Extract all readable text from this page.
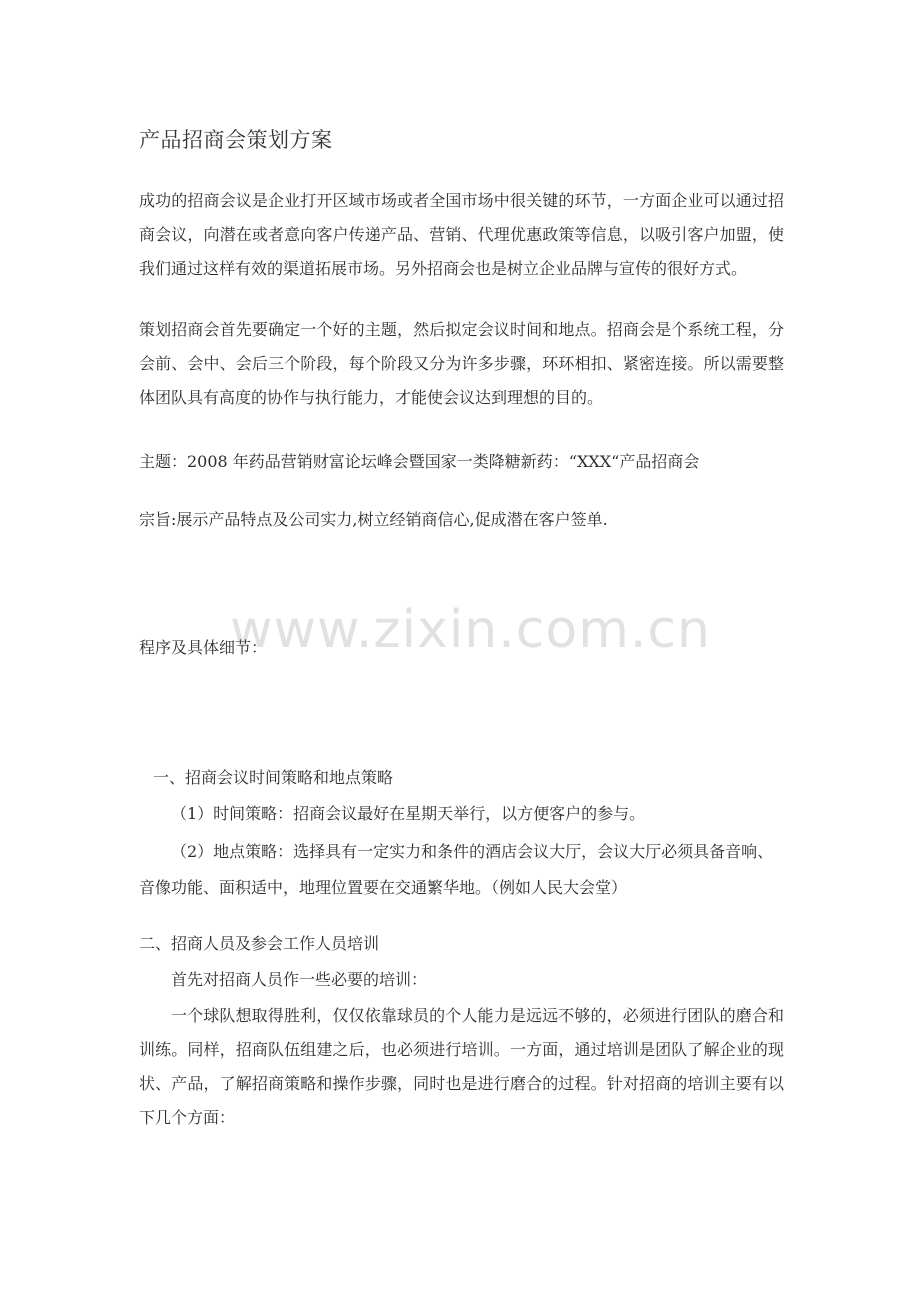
产品招商会策划方案

成功的招商会议是企业打开区域市场或者全国市场中很关键的环节，一方面企业可以通过招商会议，向潜在或者意向客户传递产品、营销、代理优惠政策等信息，以吸引客户加盟，使我们通过这样有效的渠道拓展市场。另外招商会也是树立企业品牌与宣传的很好方式。

策划招商会首先要确定一个好的主题，然后拟定会议时间和地点。招商会是个系统工程，分会前、会中、会后三个阶段，每个阶段又分为许多步骤，环环相扣、紧密连接。所以需要整体团队具有高度的协作与执行能力，才能使会议达到理想的目的。

主题：2008 年药品营销财富论坛峰会暨国家一类降糖新药：“XXX“产品招商会

宗旨:展示产品特点及公司实力,树立经销商信心,促成潜在客户签单.

程序及具体细节：

一、招商会议时间策略和地点策略

（1）时间策略：招商会议最好在星期天举行，以方便客户的参与。

（2）地点策略：选择具有一定实力和条件的酒店会议大厅，会议大厅必须具备音响、

音像功能、面积适中，地理位置要在交通繁华地。（例如人民大会堂）

二、招商人员及参会工作人员培训

首先对招商人员作一些必要的培训：

一个球队想取得胜利，仅仅依靠球员的个人能力是远远不够的，必须进行团队的磨合和训练。同样，招商队伍组建之后，也必须进行培训。一方面，通过培训是团队了解企业的现状、产品，了解招商策略和操作步骤，同时也是进行磨合的过程。针对招商的培训主要有以下几个方面：

www.zixin.com.cn
